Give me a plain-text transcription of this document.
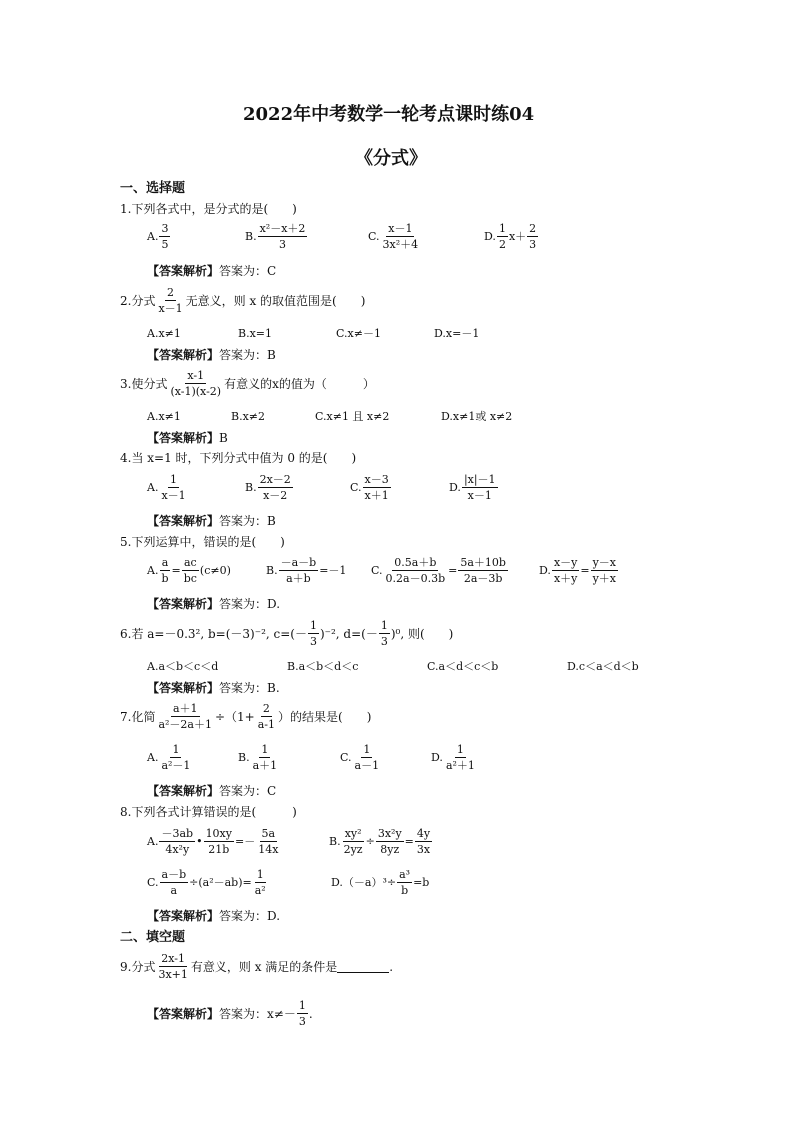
2022年中考数学一轮考点课时练04
《分式》
一、选择题
1.下列各式中，是分式的是(　　)
A. $\frac{3}{5}$	B. $\frac{\text{x²－x＋2}}{3}$	C. $\frac{x-1}{\text{3x²＋4}}$	D. $\frac{1}{2} x+ \frac{2}{3}$
【答案解析】答案为：C
2.分式 $\frac{2}{x-1}$ 无意义，则 x 的取值范围是(　　)
A.x≠1	B.x=1	C.x≠－1	D.x=－1
【答案解析】答案为：B
3.使分式 $\frac{x-1}{(x-1)(x-2)}$ 有意义的x的值为（　　　）
A.x≠1	B.x≠2	C.x≠1 且 x≠2	D.x≠1或 x≠2
【答案解析】B
4.当 x=1 时，下列分式中值为 0 的是(　　)
A. $\frac{1}{x-1}$	B. $\frac{2x-2}{x-2}$	C. $\frac{x-3}{x+1}$	D. $\frac{|x|-1}{x-1}$
【答案解析】答案为：B
5.下列运算中，错误的是(　　)
A. $\frac{a}{b} = \frac{ac}{bc} (c\ne 0)$	B. $\frac{-a-b}{a+b} =-1$ C. $\frac{0.5a+b}{0.2a-0.3b} = \frac{5a+10b}{2a-3b}$	D. $\frac{x-y}{x+y} = \frac{y-x}{y+x}$
【答案解析】答案为：D.
6.若 a=－0.3², b=(－3)⁻², $c=(- \frac{1}{3} )^{-2}$, $d=(- \frac{1}{3} )^0$, 则(　　)
A.a＜b＜c＜d	B.a＜b＜d＜c	C.a＜d＜c＜b	D.c＜a＜d＜b
【答案解析】答案为：B.
7.化简 $\frac{a+1}{\text{a²－2a＋1}} \div(1+ \frac{2}{a-1}$ ）的结果是(　　)
A. $\frac{1}{\text{a²－1}}$	B. $\frac{1}{a+1}$	C. $\frac{1}{a-1}$	D. $\frac{1}{\text{a²＋1}}$
【答案解析】答案为：C
8.下列各式计算错误的是(　　　)
A. $\frac{-3ab}{\text{4x²y}}$ • $\frac{10xy}{21b} =- \frac{5a}{14x}$	B. $\frac{\text{xy²}}{2yz} \div \frac{\text{3x²y}}{8yz} = \frac{4y}{3x}$
C. $\frac{a-b}{a} \div(a^2-ab)= \frac{1}{\text{a²}}$	$D.(-a)^3\div \frac{\text{a³}}{b} =b$
【答案解析】答案为：D.
二、填空题
9.分式 $\frac{2x-1}{3x+1}$ 有意义，则 x 满足的条件是	.
【答案解析】 答案为：$x\ne- \frac{1}{3}$ .
